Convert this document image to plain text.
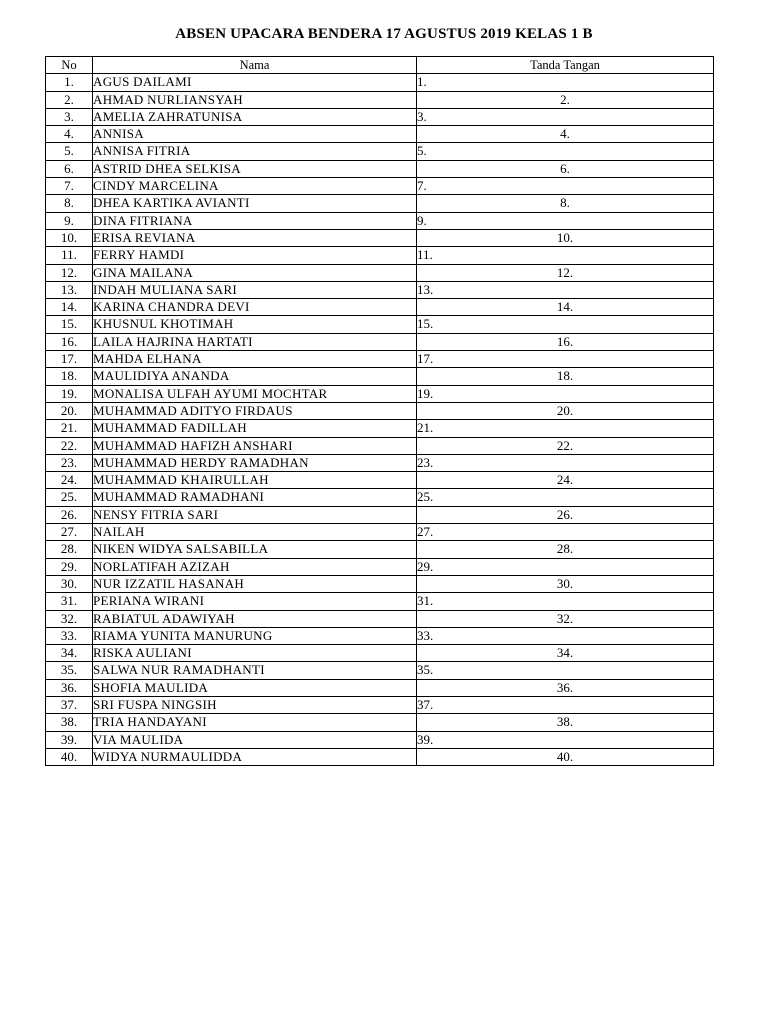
ABSEN UPACARA BENDERA 17 AGUSTUS 2019 KELAS 1 B
No	Nama	Tanda Tangan
1.	AGUS DAILAMI	1.
2.	AHMAD NURLIANSYAH	2.
3.	AMELIA ZAHRATUNISA	3.
4.	ANNISA	4.
5.	ANNISA FITRIA	5.
6.	ASTRID DHEA SELKISA	6.
7.	CINDY MARCELINA	7.
8.	DHEA KARTIKA AVIANTI	8.
9.	DINA FITRIANA	9.
10.	ERISA REVIANA	10.
11.	FERRY HAMDI	11.
12.	GINA MAILANA	12.
13.	INDAH MULIANA SARI	13.
14.	KARINA CHANDRA DEVI	14.
15.	KHUSNUL KHOTIMAH	15.
16.	LAILA HAJRINA HARTATI	16.
17.	MAHDA ELHANA	17.
18.	MAULIDIYA ANANDA	18.
19.	MONALISA ULFAH AYUMI MOCHTAR	19.
20.	MUHAMMAD ADITYO FIRDAUS	20.
21.	MUHAMMAD FADILLAH	21.
22.	MUHAMMAD HAFIZH ANSHARI	22.
23.	MUHAMMAD HERDY RAMADHAN	23.
24.	MUHAMMAD KHAIRULLAH	24.
25.	MUHAMMAD RAMADHANI	25.
26.	NENSY FITRIA SARI	26.
27.	NAILAH	27.
28.	NIKEN WIDYA SALSABILLA	28.
29.	NORLATIFAH AZIZAH	29.
30.	NUR IZZATIL HASANAH	30.
31.	PERIANA WIRANI	31.
32.	RABIATUL ADAWIYAH	32.
33.	RIAMA YUNITA MANURUNG	33.
34.	RISKA AULIANI	34.
35.	SALWA NUR RAMADHANTI	35.
36.	SHOFIA MAULIDA	36.
37.	SRI FUSPA NINGSIH	37.
38.	TRIA HANDAYANI	38.
39.	VIA MAULIDA	39.
40.	WIDYA NURMAULIDDA	40.
